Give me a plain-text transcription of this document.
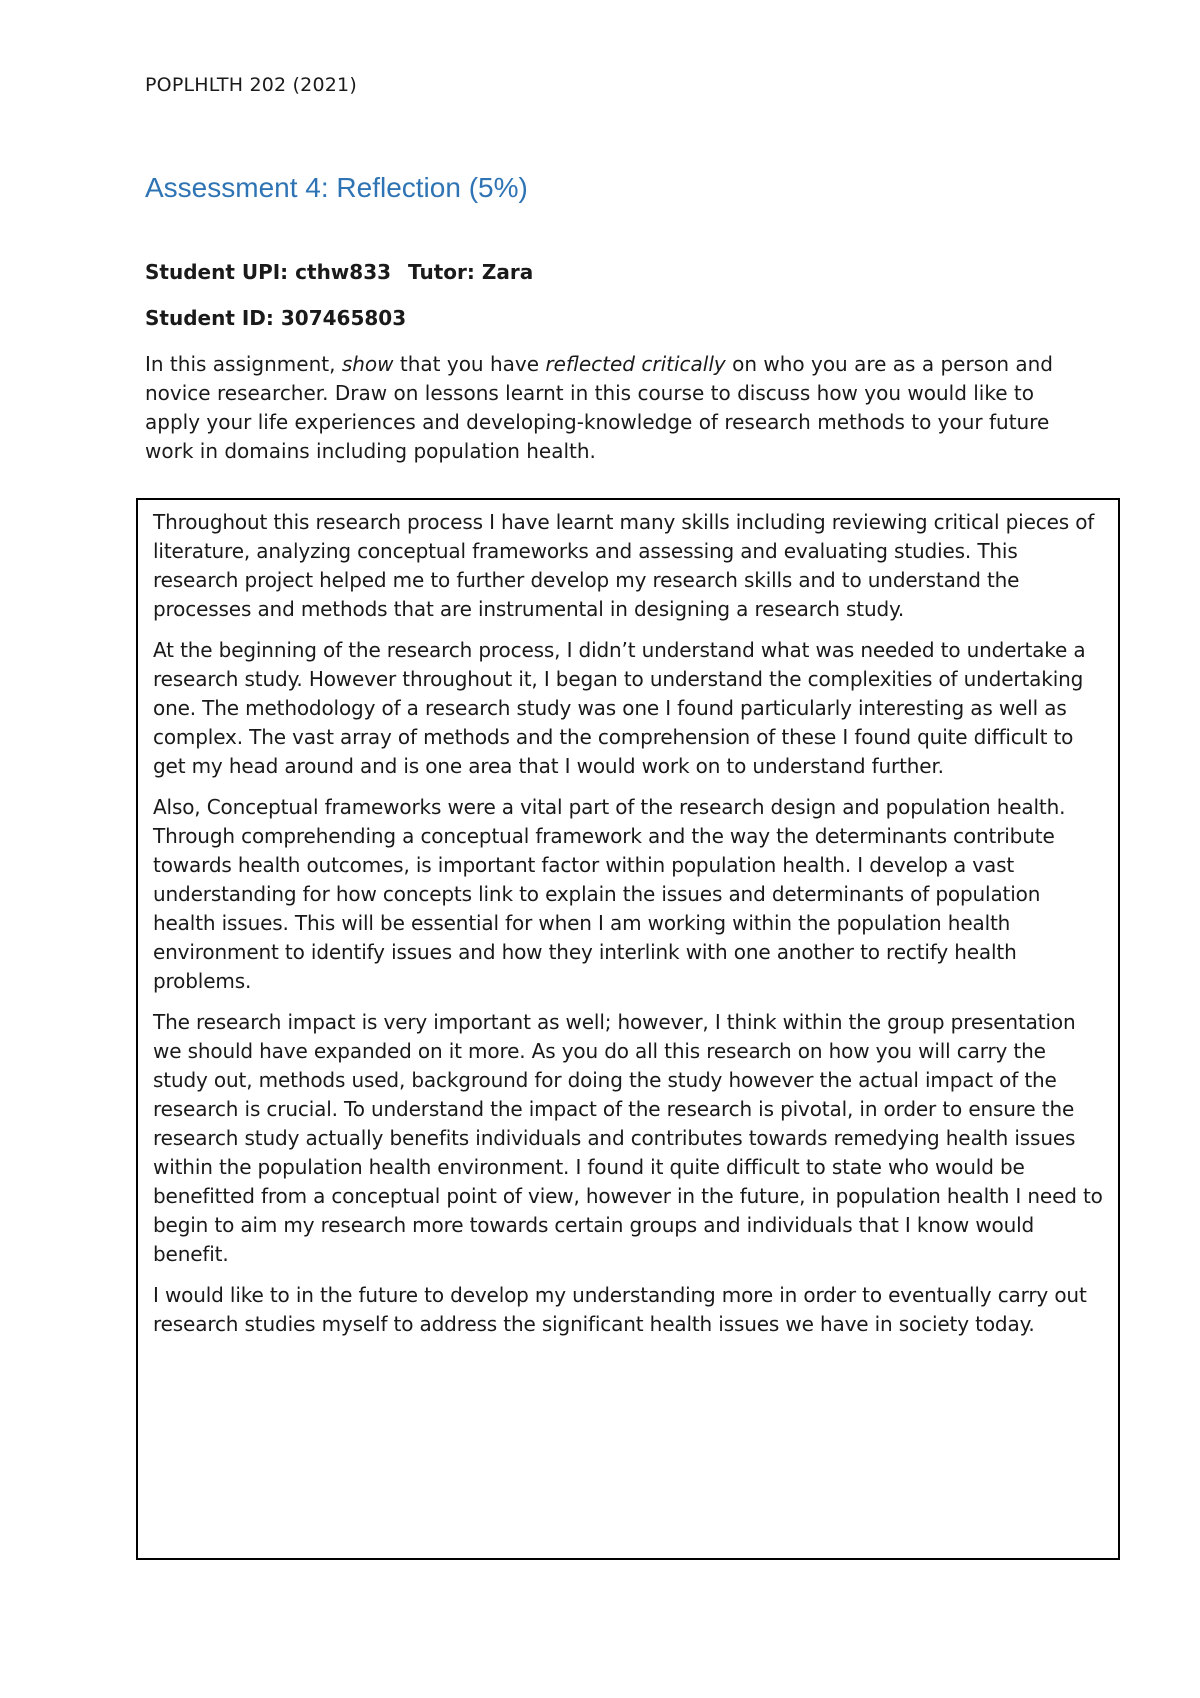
POPLHLTH 202 (2021)
Assessment 4: Reflection (5%)
Student UPI: cthw833 Tutor: Zara
Student ID: 307465803
In this assignment, show that you have reflected critically on who you are as a person and novice researcher. Draw on lessons learnt in this course to discuss how you would like to apply your life experiences and developing-knowledge of research methods to your future work in domains including population health.

Throughout this research process I have learnt many skills including reviewing critical pieces of literature, analyzing conceptual frameworks and assessing and evaluating studies. This research project helped me to further develop my research skills and to understand the processes and methods that are instrumental in designing a research study.

At the beginning of the research process, I didn’t understand what was needed to undertake a research study. However throughout it, I began to understand the complexities of undertaking one. The methodology of a research study was one I found particularly interesting as well as complex. The vast array of methods and the comprehension of these I found quite difficult to get my head around and is one area that I would work on to understand further.

Also, Conceptual frameworks were a vital part of the research design and population health. Through comprehending a conceptual framework and the way the determinants contribute towards health outcomes, is important factor within population health. I develop a vast understanding for how concepts link to explain the issues and determinants of population health issues. This will be essential for when I am working within the population health environment to identify issues and how they interlink with one another to rectify health problems.

The research impact is very important as well; however, I think within the group presentation we should have expanded on it more. As you do all this research on how you will carry the study out, methods used, background for doing the study however the actual impact of the research is crucial. To understand the impact of the research is pivotal, in order to ensure the research study actually benefits individuals and contributes towards remedying health issues within the population health environment. I found it quite difficult to state who would be benefitted from a conceptual point of view, however in the future, in population health I need to begin to aim my research more towards certain groups and individuals that I know would benefit.

I would like to in the future to develop my understanding more in order to eventually carry out research studies myself to address the significant health issues we have in society today.
